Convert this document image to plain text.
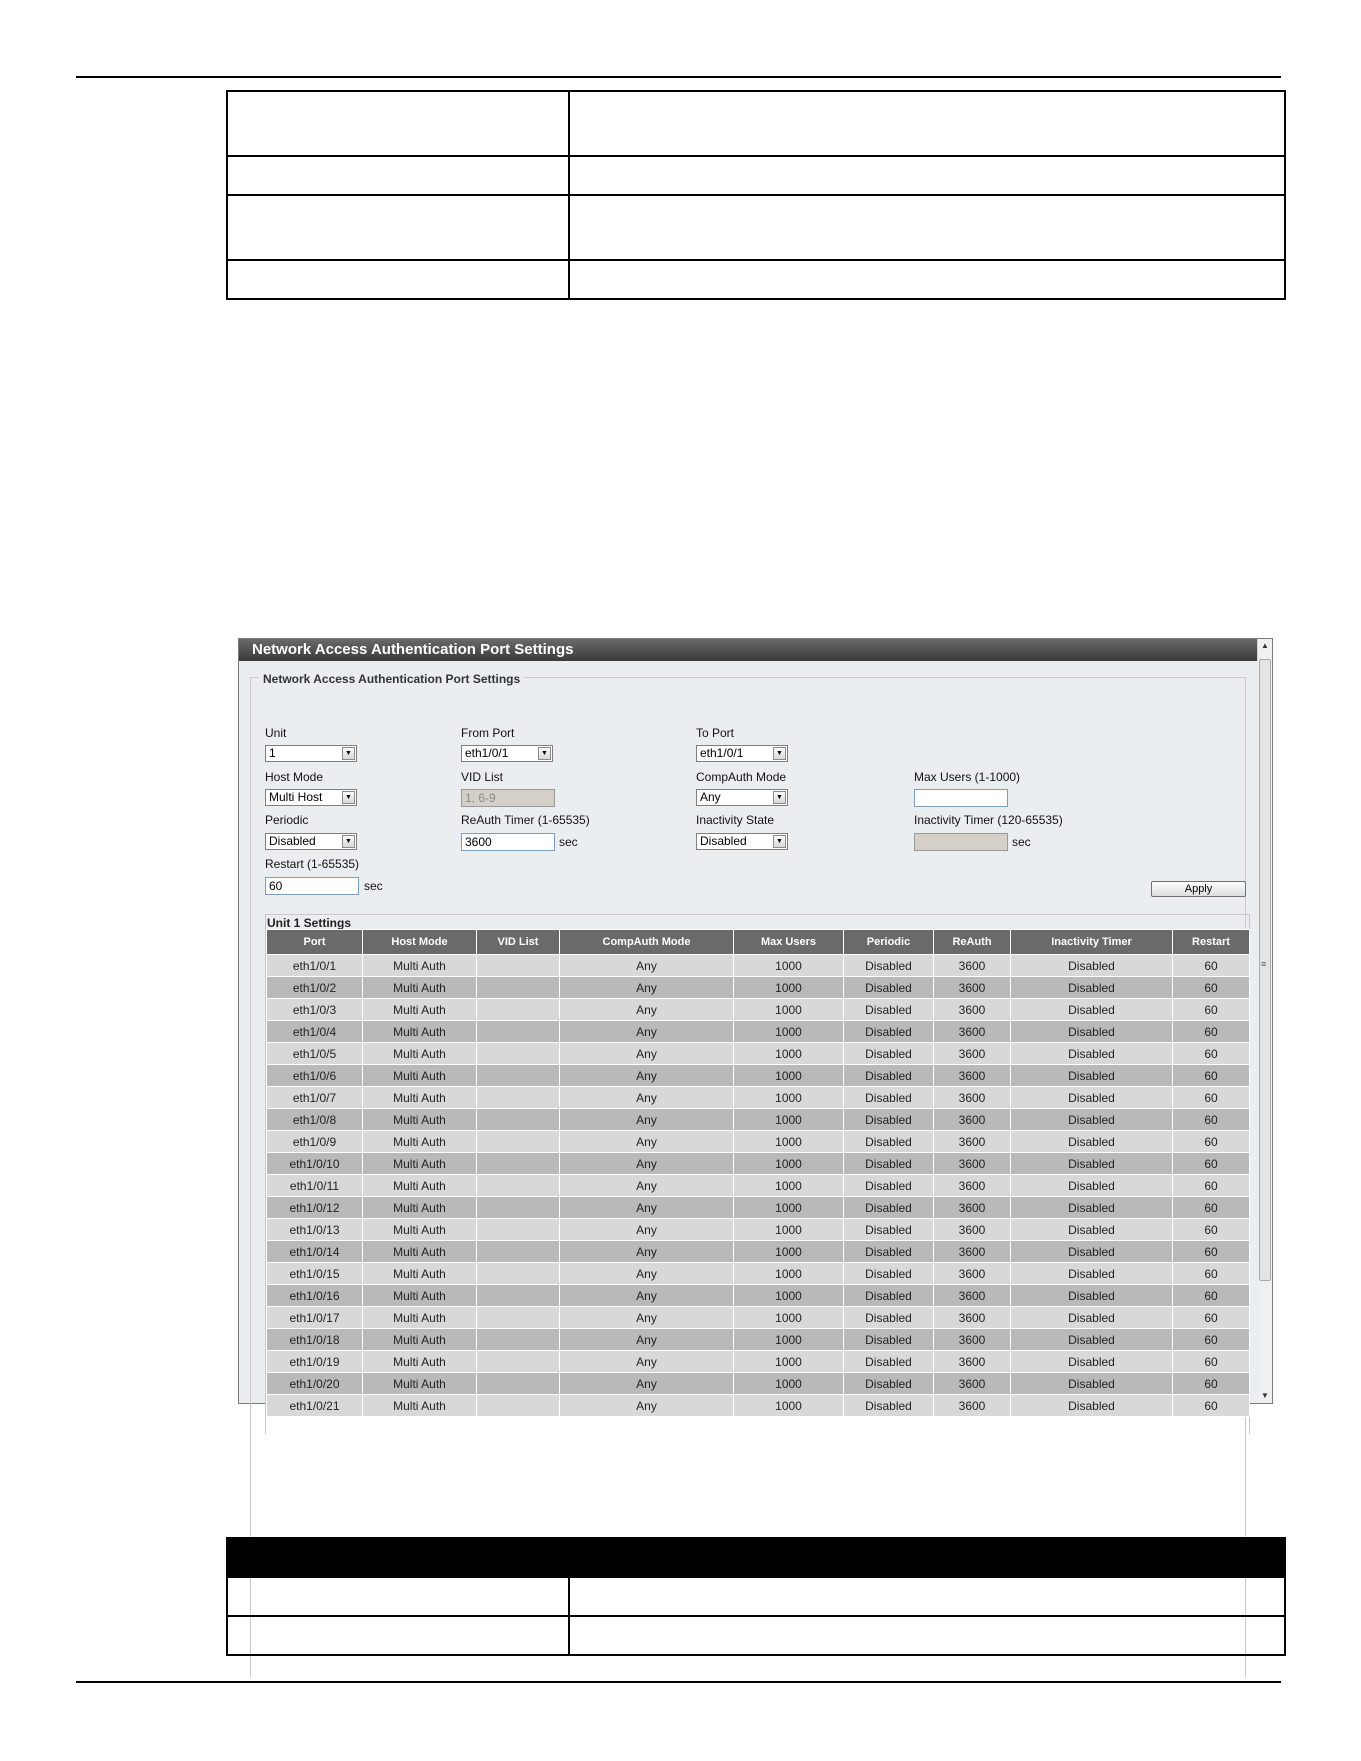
Network Access Authentication Port Settings	▲
≡
▼
Network Access Authentication Port Settings
Unit
1	▼
From Port
eth1/0/1	▼
To Port
eth1/0/1	▼
Host Mode
Multi Host	▼
VID List
1, 6-9
CompAuth Mode
Any	▼
Max Users (1-1000)
Periodic
Disabled	▼
ReAuth Timer (1-65535)
3600	sec
Inactivity State
Disabled	▼
Inactivity Timer (120-65535)
sec
Restart (1-65535)
60	sec	Apply
Unit 1 Settings
Port	Host Mode	VID List	CompAuth Mode	Max Users	Periodic	ReAuth	Inactivity Timer	Restart
eth1/0/1	Multi Auth		Any	1000	Disabled	3600	Disabled	60
eth1/0/2	Multi Auth		Any	1000	Disabled	3600	Disabled	60
eth1/0/3	Multi Auth		Any	1000	Disabled	3600	Disabled	60
eth1/0/4	Multi Auth		Any	1000	Disabled	3600	Disabled	60
eth1/0/5	Multi Auth		Any	1000	Disabled	3600	Disabled	60
eth1/0/6	Multi Auth		Any	1000	Disabled	3600	Disabled	60
eth1/0/7	Multi Auth		Any	1000	Disabled	3600	Disabled	60
eth1/0/8	Multi Auth		Any	1000	Disabled	3600	Disabled	60
eth1/0/9	Multi Auth		Any	1000	Disabled	3600	Disabled	60
eth1/0/10	Multi Auth		Any	1000	Disabled	3600	Disabled	60
eth1/0/11	Multi Auth		Any	1000	Disabled	3600	Disabled	60
eth1/0/12	Multi Auth		Any	1000	Disabled	3600	Disabled	60
eth1/0/13	Multi Auth		Any	1000	Disabled	3600	Disabled	60
eth1/0/14	Multi Auth		Any	1000	Disabled	3600	Disabled	60
eth1/0/15	Multi Auth		Any	1000	Disabled	3600	Disabled	60
eth1/0/16	Multi Auth		Any	1000	Disabled	3600	Disabled	60
eth1/0/17	Multi Auth		Any	1000	Disabled	3600	Disabled	60
eth1/0/18	Multi Auth		Any	1000	Disabled	3600	Disabled	60
eth1/0/19	Multi Auth		Any	1000	Disabled	3600	Disabled	60
eth1/0/20	Multi Auth		Any	1000	Disabled	3600	Disabled	60
eth1/0/21	Multi Auth		Any	1000	Disabled	3600	Disabled	60
